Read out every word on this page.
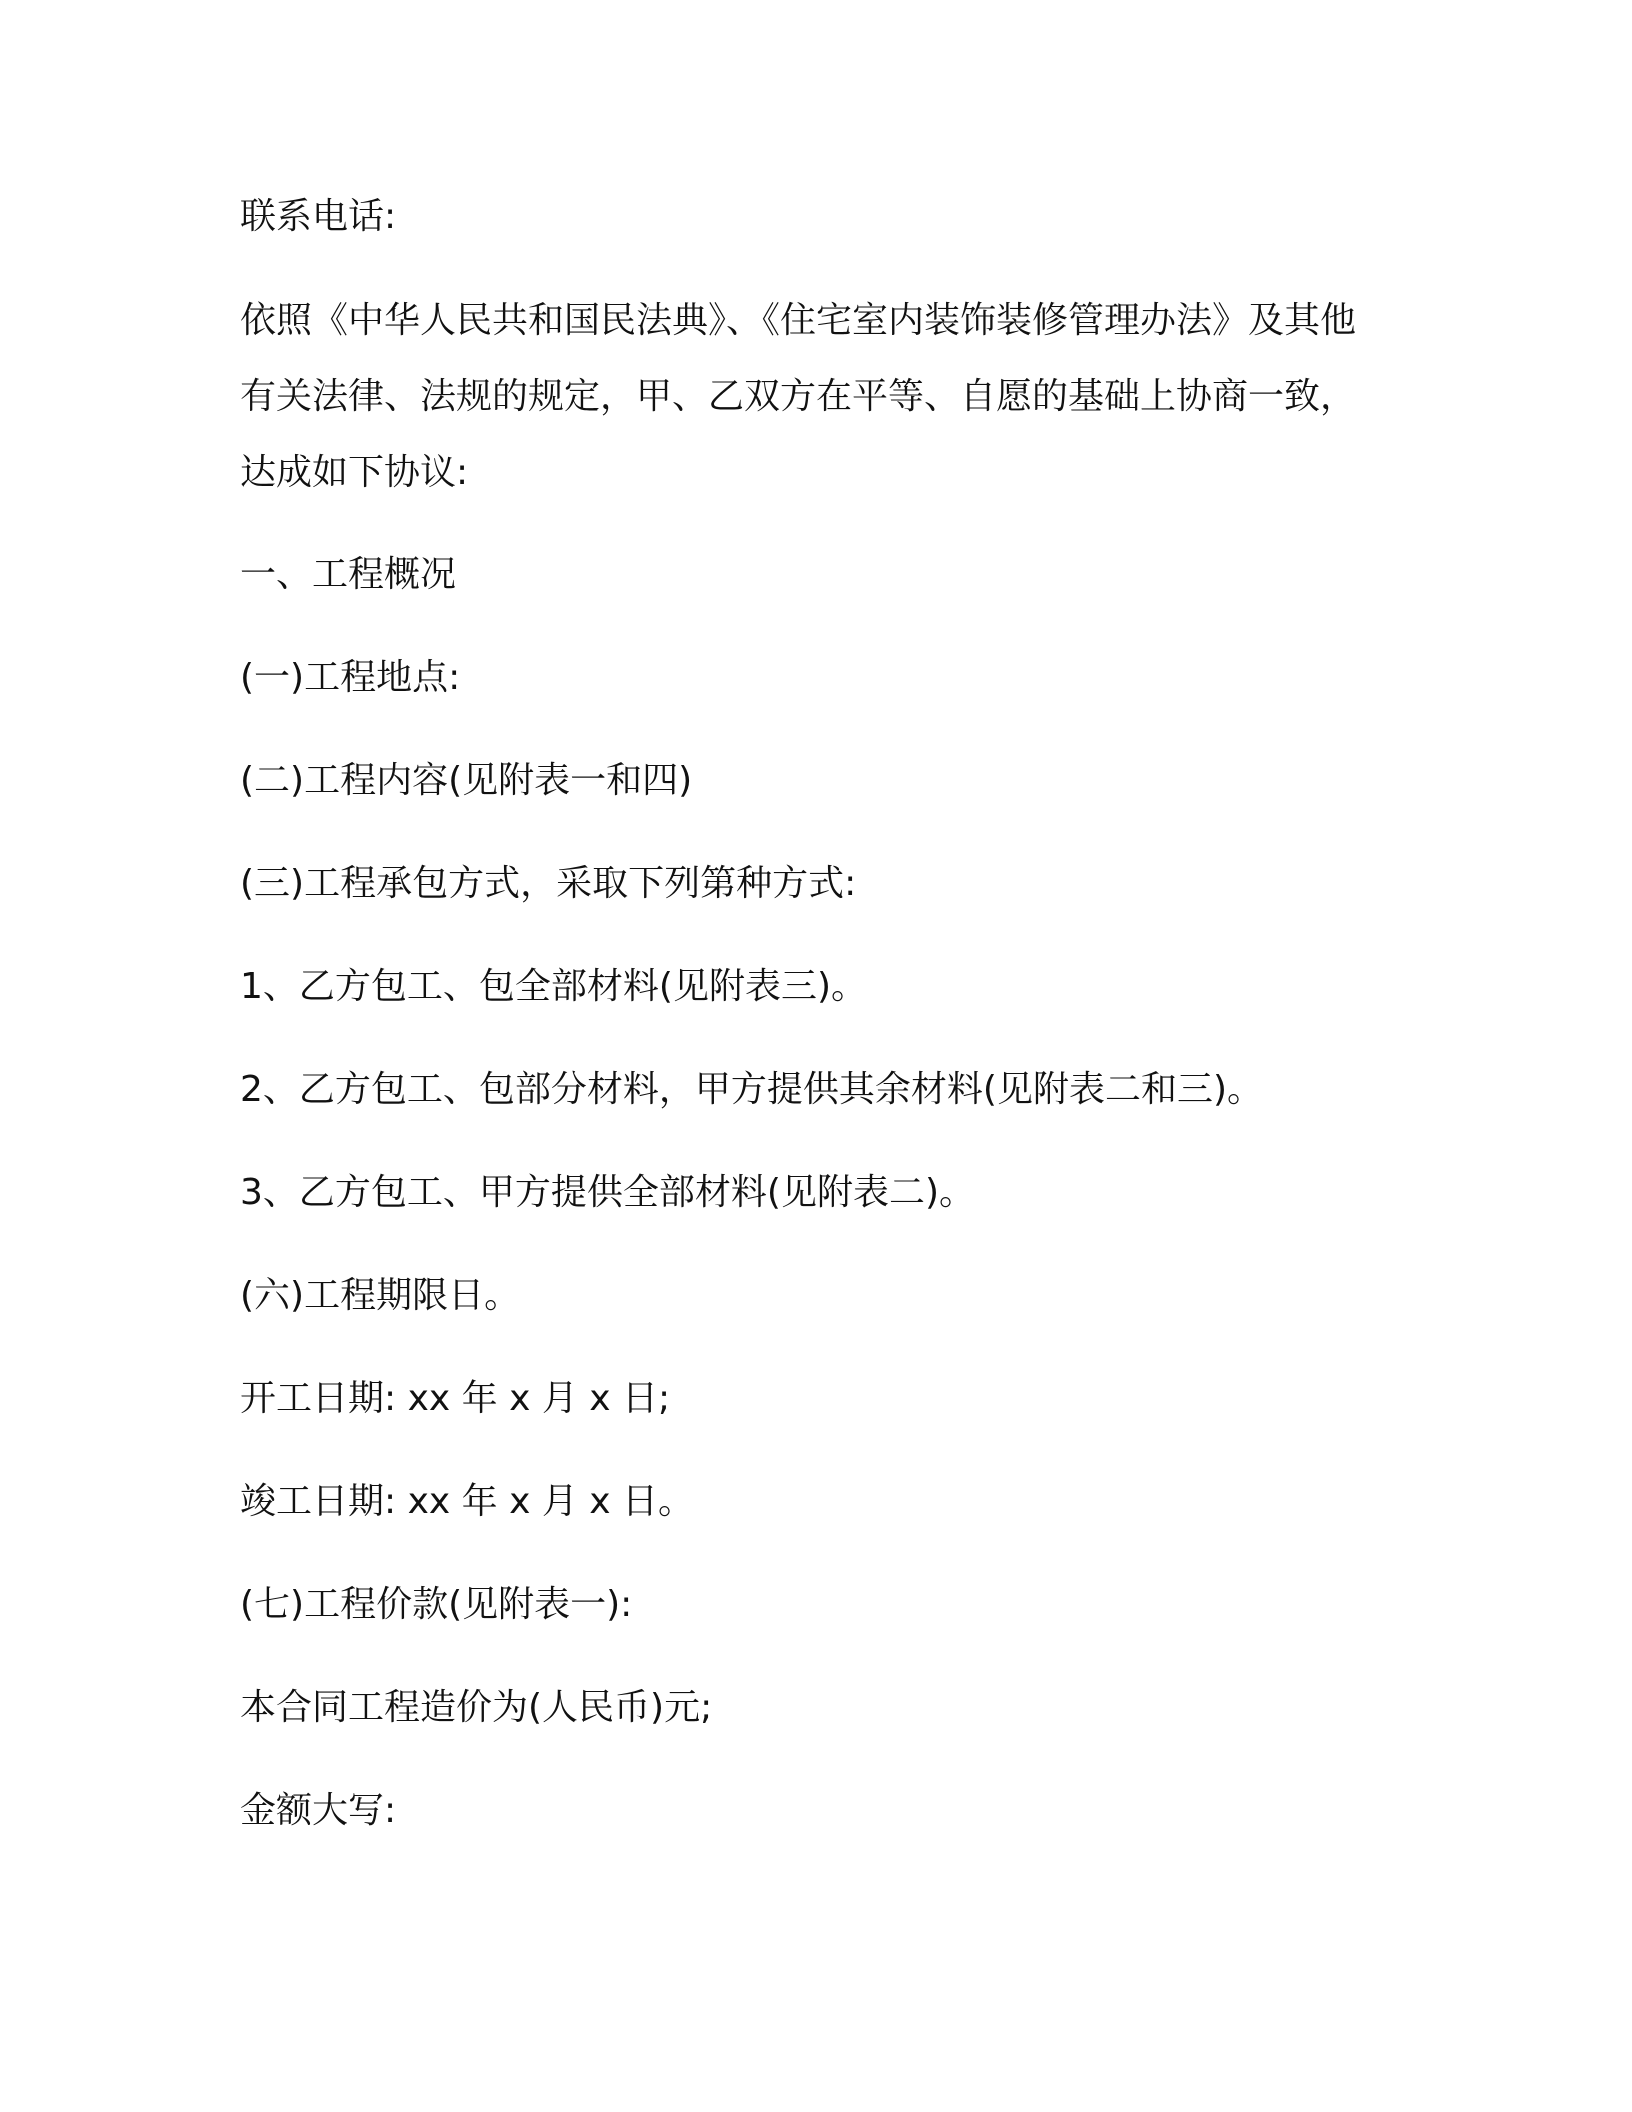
联系电话:

依照《中华人民共和国民法典》、《住宅室内装饰装修管理办法》及其他有关法律、法规的规定，甲、乙双方在平等、自愿的基础上协商一致，达成如下协议:

一、工程概况

(一)工程地点:

(二)工程内容(见附表一和四)

(三)工程承包方式，采取下列第种方式:

1、乙方包工、包全部材料(见附表三)。

2、乙方包工、包部分材料，甲方提供其余材料(见附表二和三)。

3、乙方包工、甲方提供全部材料(见附表二)。

(六)工程期限日。

开工日期: xx 年 x 月 x 日;

竣工日期: xx 年 x 月 x 日。

(七)工程价款(见附表一):

本合同工程造价为(人民币)元;

金额大写:
